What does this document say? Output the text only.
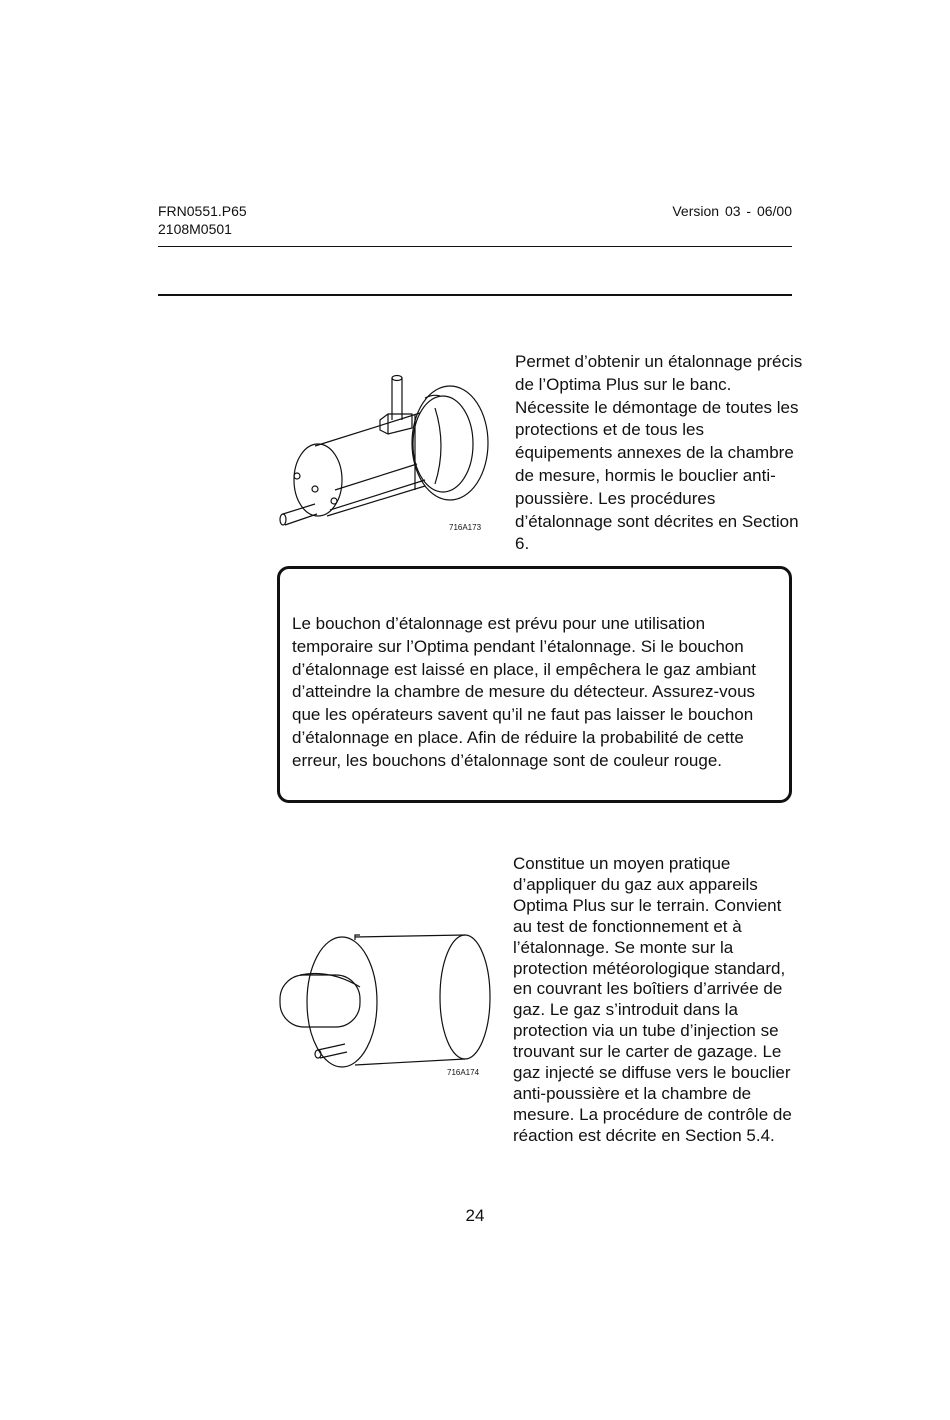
FRN0551.P65
2108M0501
Version 03 - 06/00
716A173
Permet d’obtenir un étalonnage précis de l’Optima Plus sur le banc. Nécessite le démontage de toutes les protections et de tous les équipements annexes de la chambre de mesure, hormis le bouclier anti-poussière. Les procédures d’étalonnage sont décrites en Section 6.
Le bouchon d’étalonnage est prévu pour une utilisation temporaire sur l’Optima pendant l’étalonnage. Si le bouchon d’étalonnage est laissé en place, il empêchera le gaz ambiant d’atteindre la chambre de mesure du détecteur. Assurez-vous que les opérateurs savent qu’il ne faut pas laisser le bouchon d’étalonnage en place. Afin de réduire la probabilité de cette erreur, les bouchons d’étalonnage sont de couleur rouge.
716A174
Constitue un moyen pratique d’appliquer du gaz aux appareils Optima Plus sur le terrain. Convient au test de fonctionnement et à l’étalonnage. Se monte sur la protection météorologique standard, en couvrant les boîtiers d’arrivée de gaz. Le gaz s’introduit dans la protection via un tube d’injection se trouvant sur le carter de gazage. Le gaz injecté se diffuse vers le bouclier anti-poussière et la chambre de mesure. La procédure de contrôle de réaction est décrite en Section 5.4.
24
